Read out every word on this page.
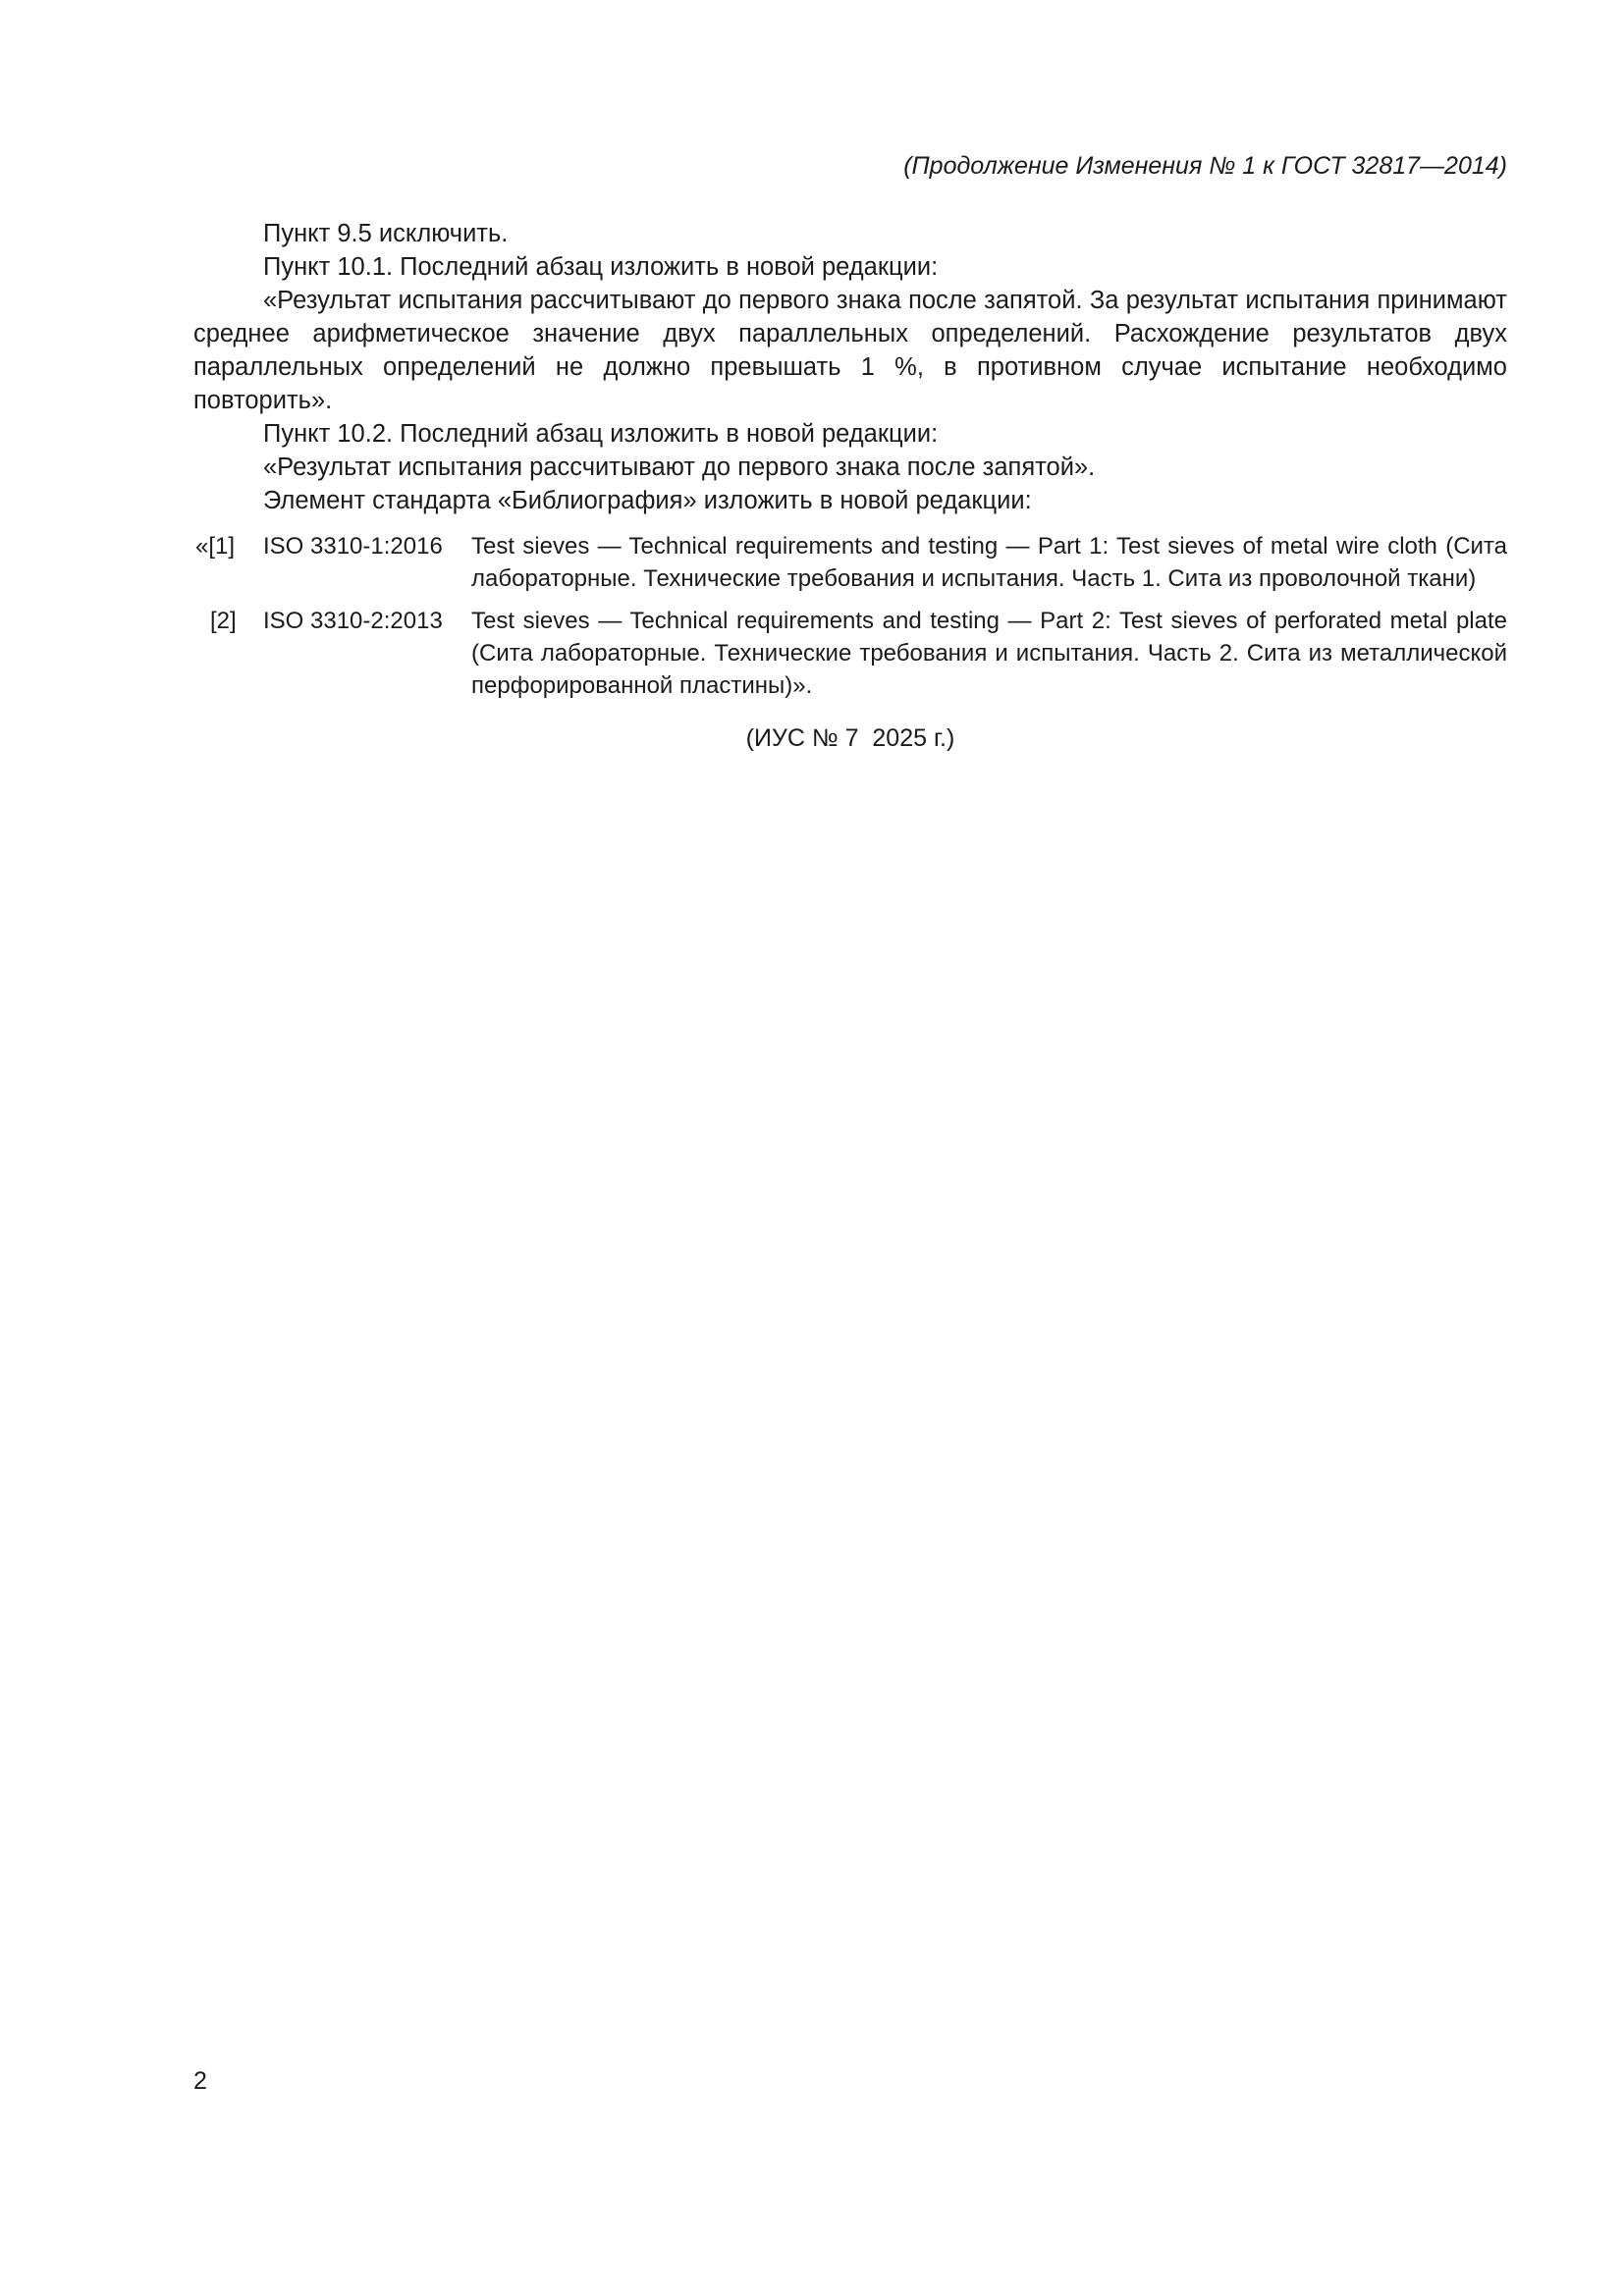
(Продолжение Изменения № 1 к ГОСТ 32817—2014)

Пункт 9.5 исключить.

Пункт 10.1. Последний абзац изложить в новой редакции:

«Результат испытания рассчитывают до первого знака после запятой. За результат испытания принимают среднее арифметическое значение двух параллельных определений. Расхождение результатов двух параллельных определений не должно превышать 1 %, в противном случае испытание необходимо повторить».

Пункт 10.2. Последний абзац изложить в новой редакции:

«Результат испытания рассчитывают до первого знака после запятой».

Элемент стандарта «Библиография» изложить в новой редакции:

«[1]	ISO 3310-1:2016	Test sieves — Technical requirements and testing — Part 1: Test sieves of metal wire cloth (Сита лабораторные. Технические требования и испытания. Часть 1. Сита из проволочной ткани)
[2]	ISO 3310-2:2013	Test sieves — Technical requirements and testing — Part 2: Test sieves of perforated metal plate (Сита лабораторные. Технические требования и испытания. Часть 2. Сита из металлической перфорированной пластины)».

(ИУС № 7  2025 г.)

2
